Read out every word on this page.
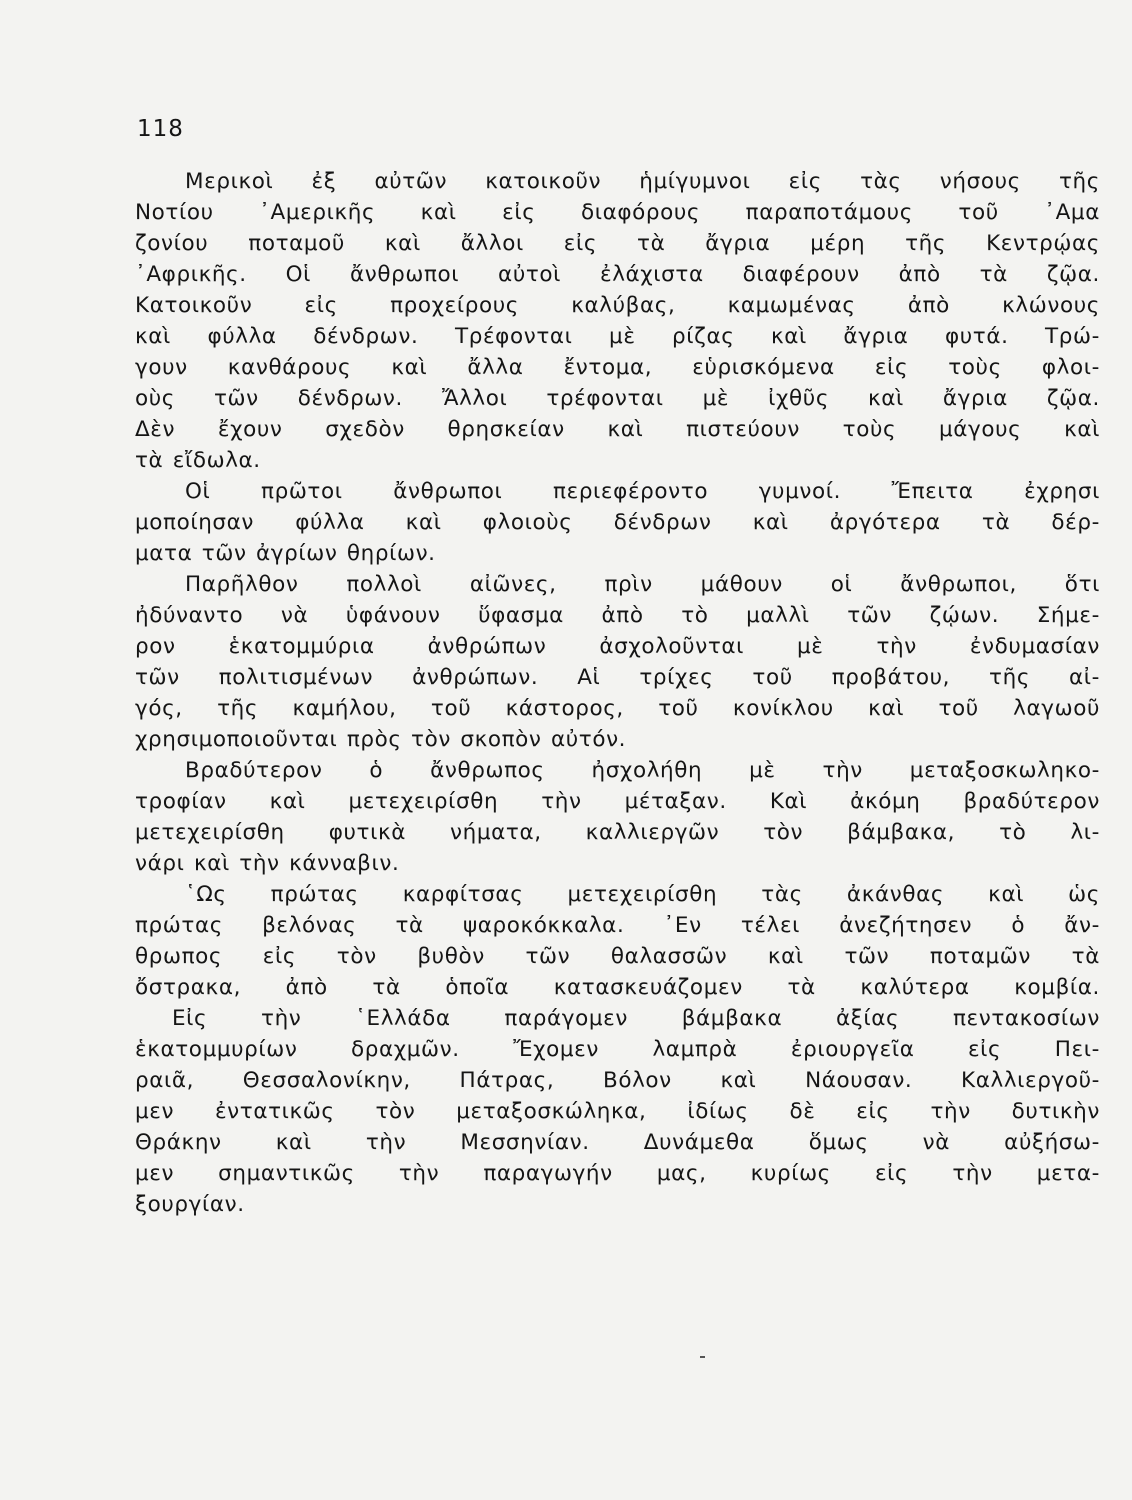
118
Μερικοὶ ἐξ αὐτῶν κατοικοῦν ἡμίγυμνοι εἰς τὰς νήσους τῆς
Νοτίου ᾿Αμερικῆς καὶ εἰς διαφόρους παραποτάμους τοῦ ᾿Αμα
ζονίου ποταμοῦ καὶ ἄλλοι εἰς τὰ ἄγρια μέρη τῆς Κεντρῴας
᾿Αφρικῆς. Οἱ ἄνθρωποι αὐτοὶ ἐλάχιστα διαφέρουν ἀπὸ τὰ ζῷα.
Κατοικοῦν εἰς προχείρους καλύβας, καμωμένας ἀπὸ κλώνους
καὶ φύλλα δένδρων. Τρέφονται μὲ ρίζας καὶ ἄγρια φυτά. Τρώ-
γουν κανθάρους καὶ ἄλλα ἔντομα, εὑρισκόμενα εἰς τοὺς φλοι-
οὺς τῶν δένδρων. Ἄλλοι τρέφονται μὲ ἰχθῦς καὶ ἄγρια ζῷα.
Δὲν ἔχουν σχεδὸν θρησκείαν καὶ πιστεύουν τοὺς μάγους καὶ
τὰ εἴδωλα.
Οἱ πρῶτοι ἄνθρωποι περιεφέροντο γυμνοί. Ἔπειτα ἐχρησι
μοποίησαν φύλλα καὶ φλοιοὺς δένδρων καὶ ἀργότερα τὰ δέρ-
ματα τῶν ἀγρίων θηρίων.
Παρῆλθον πολλοὶ αἰῶνες, πρὶν μάθουν οἱ ἄνθρωποι, ὅτι
ἠδύναντο νὰ ὑφάνουν ὕφασμα ἀπὸ τὸ μαλλὶ τῶν ζῴων. Σήμε-
ρον ἑκατομμύρια ἀνθρώπων ἀσχολοῦνται μὲ τὴν ἐνδυμασίαν
τῶν πολιτισμένων ἀνθρώπων. Αἱ τρίχες τοῦ προβάτου, τῆς αἰ-
γός, τῆς καμήλου, τοῦ κάστορος, τοῦ κονίκλου καὶ τοῦ λαγωοῦ
χρησιμοποιοῦνται πρὸς τὸν σκοπὸν αὐτόν.
Βραδύτερον ὁ ἄνθρωπος ἠσχολήθη μὲ τὴν μεταξοσκωληκο-
τροφίαν καὶ μετεχειρίσθη τὴν μέταξαν. Καὶ ἀκόμη βραδύτερον
μετεχειρίσθη φυτικὰ νήματα, καλλιεργῶν τὸν βάμβακα, τὸ λι-
νάρι καὶ τὴν κάνναβιν.
῾Ως πρώτας καρφίτσας μετεχειρίσθη τὰς ἀκάνθας καὶ ὡς
πρώτας βελόνας τὰ ψαροκόκκαλα. ᾿Εν τέλει ἀνεζήτησεν ὁ ἄν-
θρωπος εἰς τὸν βυθὸν τῶν θαλασσῶν καὶ τῶν ποταμῶν τὰ
ὄστρακα, ἀπὸ τὰ ὁποῖα κατασκευάζομεν τὰ καλύτερα κομβία.
Εἰς τὴν ῾Ελλάδα παράγομεν βάμβακα ἀξίας πεντακοσίων
ἑκατομμυρίων δραχμῶν. Ἔχομεν λαμπρὰ ἐριουργεῖα εἰς Πει-
ραιᾶ, Θεσσαλονίκην, Πάτρας, Βόλον καὶ Νάουσαν. Καλλιεργοῦ-
μεν ἐντατικῶς τὸν μεταξοσκώληκα, ἰδίως δὲ εἰς τὴν δυτικὴν
Θράκην καὶ τὴν Μεσσηνίαν. Δυνάμεθα ὅμως νὰ αὐξήσω-
μεν σημαντικῶς τὴν παραγωγήν μας, κυρίως εἰς τὴν μετα-
ξουργίαν.
